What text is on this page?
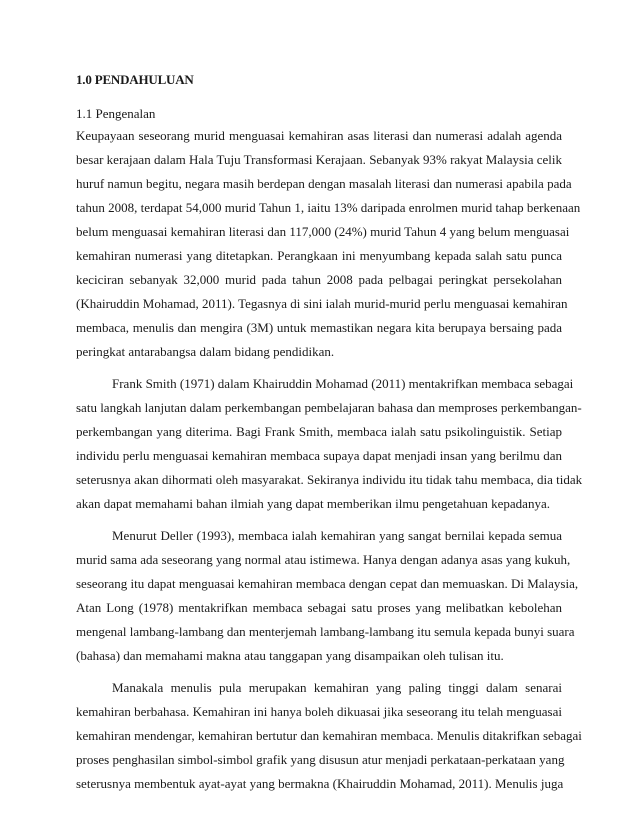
1.0 PENDAHULUAN
1.1 Pengenalan
Keupayaan seseorang murid menguasai kemahiran asas literasi dan numerasi adalah agenda
besar kerajaan dalam Hala Tuju Transformasi Kerajaan. Sebanyak 93% rakyat Malaysia celik
huruf namun begitu, negara masih berdepan dengan masalah literasi dan numerasi apabila pada
tahun 2008, terdapat 54,000 murid Tahun 1, iaitu 13% daripada enrolmen murid tahap berkenaan
belum menguasai kemahiran literasi dan 117,000 (24%) murid Tahun 4 yang belum menguasai
kemahiran numerasi yang ditetapkan. Perangkaan ini menyumbang kepada salah satu punca
keciciran sebanyak 32,000 murid pada tahun 2008 pada pelbagai peringkat persekolahan
(Khairuddin Mohamad, 2011). Tegasnya di sini ialah murid-murid perlu menguasai kemahiran
membaca, menulis dan mengira (3M) untuk memastikan negara kita berupaya bersaing pada
peringkat antarabangsa dalam bidang pendidikan.
Frank Smith (1971) dalam Khairuddin Mohamad (2011) mentakrifkan membaca sebagai
satu langkah lanjutan dalam perkembangan pembelajaran bahasa dan memproses perkembangan-
perkembangan yang diterima. Bagi Frank Smith, membaca ialah satu psikolinguistik. Setiap
individu perlu menguasai kemahiran membaca supaya dapat menjadi insan yang berilmu dan
seterusnya akan dihormati oleh masyarakat. Sekiranya individu itu tidak tahu membaca, dia tidak
akan dapat memahami bahan ilmiah yang dapat memberikan ilmu pengetahuan kepadanya.
Menurut Deller (1993), membaca ialah kemahiran yang sangat bernilai kepada semua
murid sama ada seseorang yang normal atau istimewa. Hanya dengan adanya asas yang kukuh,
seseorang itu dapat menguasai kemahiran membaca dengan cepat dan memuaskan. Di Malaysia,
Atan Long (1978) mentakrifkan membaca sebagai satu proses yang melibatkan kebolehan
mengenal lambang-lambang dan menterjemah lambang-lambang itu semula kepada bunyi suara
(bahasa) dan memahami makna atau tanggapan yang disampaikan oleh tulisan itu.
Manakala menulis pula merupakan kemahiran yang paling tinggi dalam senarai
kemahiran berbahasa. Kemahiran ini hanya boleh dikuasai jika seseorang itu telah menguasai
kemahiran mendengar, kemahiran bertutur dan kemahiran membaca. Menulis ditakrifkan sebagai
proses penghasilan simbol-simbol grafik yang disusun atur menjadi perkataan-perkataan yang
seterusnya membentuk ayat-ayat yang bermakna (Khairuddin Mohamad, 2011). Menulis juga
